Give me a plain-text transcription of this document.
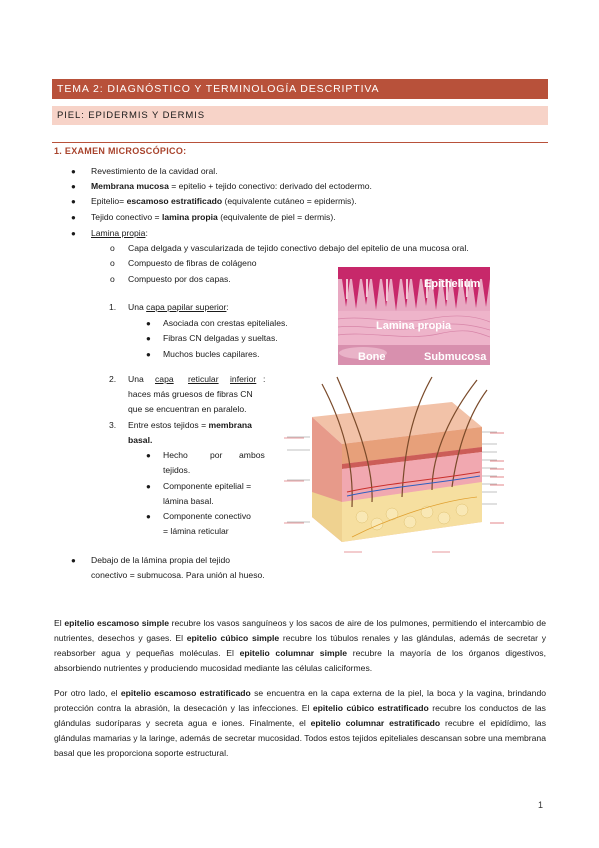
TEMA 2: DIAGNÓSTICO Y TERMINOLOGÍA DESCRIPTIVA
PIEL: EPIDERMIS Y DERMIS
1. EXAMEN MICROSCÓPICO:
● Revestimiento de la cavidad oral.
● Membrana mucosa = epitelio + tejido conectivo: derivado del ectodermo.
● Epitelio= escamoso estratificado (equivalente cutáneo = epidermis).
● Tejido conectivo = lamina propia (equivalente de piel = dermis).
● Lamina propia:
o Capa delgada y vascularizada de tejido conectivo debajo del epitelio de una mucosa oral.
o Compuesto de fibras de colágeno
o Compuesto por dos capas.
1. Una capa papilar superior:
● Asociada con crestas epiteliales.
● Fibras CN delgadas y sueltas.
● Muchos bucles capilares.
2. Una capa reticular inferior :
haces más gruesos de fibras CN
que se encuentran en paralelo.
3. Entre estos tejidos = membrana
basal.
● Hecho	por ambos
tejidos.
● Componente epitelial =
lámina basal.
● Componente conectivo
= lámina reticular
● Debajo de la lámina propia del tejido
conectivo = submucosa. Para unión al hueso.
Epithelium
Lamina propia
Bone	Submucosa
El epitelio escamoso simple recubre los vasos sanguíneos y los sacos de aire de los pulmones, permitiendo el intercambio de nutrientes, desechos y gases. El epitelio cúbico simple recubre los túbulos renales y las glándulas, además de secretar y reabsorber agua y pequeñas moléculas. El epitelio columnar simple recubre la mayoría de los órganos digestivos, absorbiendo nutrientes y produciendo mucosidad mediante las células caliciformes.
Por otro lado, el epitelio escamoso estratificado se encuentra en la capa externa de la piel, la boca y la vagina, brindando protección contra la abrasión, la desecación y las infecciones. El epitelio cúbico estratificado recubre los conductos de las glándulas sudoríparas y secreta agua e iones. Finalmente, el epitelio columnar estratificado recubre el epidídimo, las glándulas mamarias y la laringe, además de secretar mucosidad. Todos estos tejidos epiteliales descansan sobre una membrana basal que les proporciona soporte estructural.
1
